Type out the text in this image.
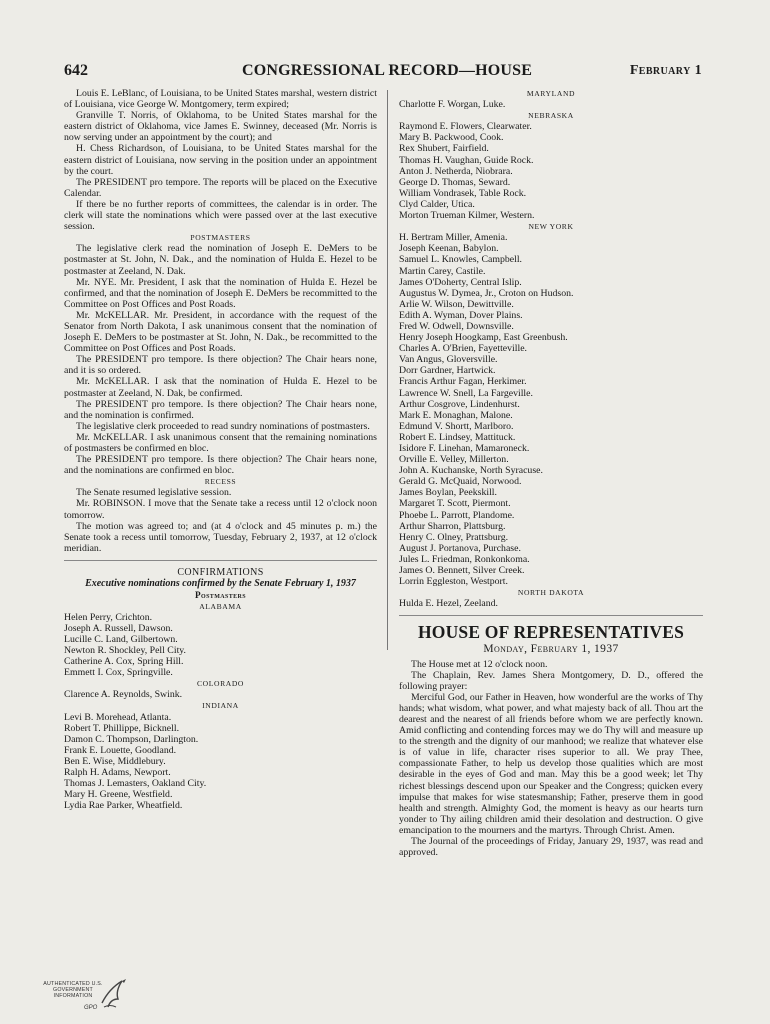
642	CONGRESSIONAL RECORD—HOUSE	February 1

Louis E. LeBlanc, of Louisiana, to be United States marshal, western district of Louisiana, vice George W. Montgomery, term expired;

Granville T. Norris, of Oklahoma, to be United States marshal for the eastern district of Oklahoma, vice James E. Swinney, deceased (Mr. Norris is now serving under an appointment by the court); and

H. Chess Richardson, of Louisiana, to be United States marshal for the eastern district of Louisiana, now serving in the position under an appointment by the court.

The PRESIDENT pro tempore. The reports will be placed on the Executive Calendar.

If there be no further reports of committees, the calendar is in order. The clerk will state the nominations which were passed over at the last executive session.

POSTMASTERS

The legislative clerk read the nomination of Joseph E. DeMers to be postmaster at St. John, N. Dak., and the nomination of Hulda E. Hezel to be postmaster at Zeeland, N. Dak.

Mr. NYE. Mr. President, I ask that the nomination of Hulda E. Hezel be confirmed, and that the nomination of Joseph E. DeMers be recommitted to the Committee on Post Offices and Post Roads.

Mr. McKELLAR. Mr. President, in accordance with the request of the Senator from North Dakota, I ask unanimous consent that the nomination of Joseph E. DeMers to be postmaster at St. John, N. Dak., be recommitted to the Committee on Post Offices and Post Roads.

The PRESIDENT pro tempore. Is there objection? The Chair hears none, and it is so ordered.

Mr. McKELLAR. I ask that the nomination of Hulda E. Hezel to be postmaster at Zeeland, N. Dak, be confirmed.

The PRESIDENT pro tempore. Is there objection? The Chair hears none, and the nomination is confirmed.

The legislative clerk proceeded to read sundry nominations of postmasters.

Mr. McKELLAR. I ask unanimous consent that the remaining nominations of postmasters be confirmed en bloc.

The PRESIDENT pro tempore. Is there objection? The Chair hears none, and the nominations are confirmed en bloc.

RECESS

The Senate resumed legislative session.

Mr. ROBINSON. I move that the Senate take a recess until 12 o'clock noon tomorrow.

The motion was agreed to; and (at 4 o'clock and 45 minutes p. m.) the Senate took a recess until tomorrow, Tuesday, February 2, 1937, at 12 o'clock meridian.

CONFIRMATIONS

Executive nominations confirmed by the Senate February 1, 1937

Postmasters

ALABAMA

Helen Perry, Crichton.

Joseph A. Russell, Dawson.

Lucille C. Land, Gilbertown.

Newton R. Shockley, Pell City.

Catherine A. Cox, Spring Hill.

Emmett I. Cox, Springville.

COLORADO

Clarence A. Reynolds, Swink.

INDIANA

Levi B. Morehead, Atlanta.

Robert T. Phillippe, Bicknell.

Damon C. Thompson, Darlington.

Frank E. Louette, Goodland.

Ben E. Wise, Middlebury.

Ralph H. Adams, Newport.

Thomas J. Lemasters, Oakland City.

Mary H. Greene, Westfield.

Lydia Rae Parker, Wheatfield.

MARYLAND

Charlotte F. Worgan, Luke.

NEBRASKA

Raymond E. Flowers, Clearwater.

Mary B. Packwood, Cook.

Rex Shubert, Fairfield.

Thomas H. Vaughan, Guide Rock.

Anton J. Netherda, Niobrara.

George D. Thomas, Seward.

William Vondrasek, Table Rock.

Clyd Calder, Utica.

Morton Trueman Kilmer, Western.

NEW YORK

H. Bertram Miller, Amenia.

Joseph Keenan, Babylon.

Samuel L. Knowles, Campbell.

Martin Carey, Castile.

James O'Doherty, Central Islip.

Augustus W. Dymea, Jr., Croton on Hudson.

Arlie W. Wilson, Dewittville.

Edith A. Wyman, Dover Plains.

Fred W. Odwell, Downsville.

Henry Joseph Hoogkamp, East Greenbush.

Charles A. O'Brien, Fayetteville.

Van Angus, Gloversville.

Dorr Gardner, Hartwick.

Francis Arthur Fagan, Herkimer.

Lawrence W. Snell, La Fargeville.

Arthur Cosgrove, Lindenhurst.

Mark E. Monaghan, Malone.

Edmund V. Shortt, Marlboro.

Robert E. Lindsey, Mattituck.

Isidore F. Linehan, Mamaroneck.

Orville E. Velley, Millerton.

John A. Kuchanske, North Syracuse.

Gerald G. McQuaid, Norwood.

James Boylan, Peekskill.

Margaret T. Scott, Piermont.

Phoebe L. Parrott, Plandome.

Arthur Sharron, Plattsburg.

Henry C. Olney, Prattsburg.

August J. Portanova, Purchase.

Jules L. Friedman, Ronkonkoma.

James O. Bennett, Silver Creek.

Lorrin Eggleston, Westport.

NORTH DAKOTA

Hulda E. Hezel, Zeeland.

HOUSE OF REPRESENTATIVES

Monday, February 1, 1937

The House met at 12 o'clock noon.

The Chaplain, Rev. James Shera Montgomery, D. D., offered the following prayer:

Merciful God, our Father in Heaven, how wonderful are the works of Thy hands; what wisdom, what power, and what majesty back of all. Thou art the dearest and the nearest of all friends before whom we are perfectly known. Amid conflicting and contending forces may we do Thy will and measure up to the strength and the dignity of our manhood; we realize that whatever else is of value in life, character rises superior to all. We pray Thee, compassionate Father, to help us develop those qualities which are most desirable in the eyes of God and man. May this be a good week; let Thy richest blessings descend upon our Speaker and the Congress; quicken every impulse that makes for wise statesmanship; Father, preserve them in good health and strength. Almighty God, the moment is heavy as our hearts turn yonder to Thy ailing children amid their desolation and destruction. O give emancipation to the mourners and the martyrs. Through Christ. Amen.

The Journal of the proceedings of Friday, January 29, 1937, was read and approved.

AUTHENTICATED U.S. GOVERNMENT INFORMATION
GPO
